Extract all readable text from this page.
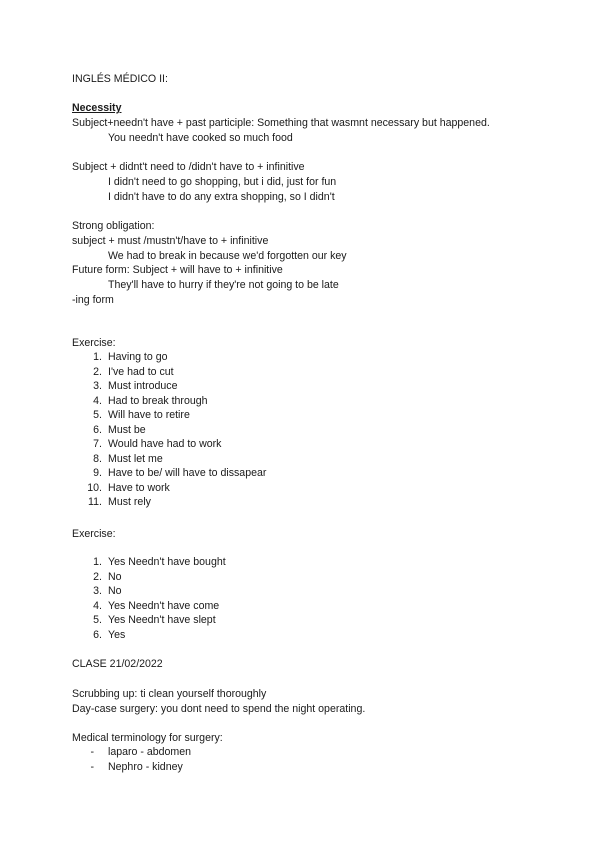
INGLÉS MÉDICO II:
Necessity
Subject+needn't have + past participle: Something that wasmnt necessary but happened.
You needn't have cooked so much food
Subject + didnt't need to /didn't have to + infinitive
I didn't need to go shopping, but i did, just for fun
I didn't have to do any extra shopping, so I didn't
Strong obligation:
subject + must /mustn't/have to + infinitive
We had to break in because we'd forgotten our key
Future form: Subject + will have to + infinitive
They'll have to hurry if they're not going to be late
-ing form
Exercise:
1. Having to go
2. I've had to cut
3. Must introduce
4. Had to break through
5. Will have to retire
6. Must be
7. Would have had to work
8. Must let me
9. Have to be/ will have to dissapear
10. Have to work
11. Must rely
Exercise:
1. Yes Needn't have bought
2. No
3. No
4. Yes Needn't have come
5. Yes Needn't have slept
6. Yes
CLASE 21/02/2022
Scrubbing up: ti clean yourself thoroughly
Day-case surgery: you dont need to spend the night operating.
Medical terminology for surgery:
- laparo - abdomen
- Nephro - kidney
